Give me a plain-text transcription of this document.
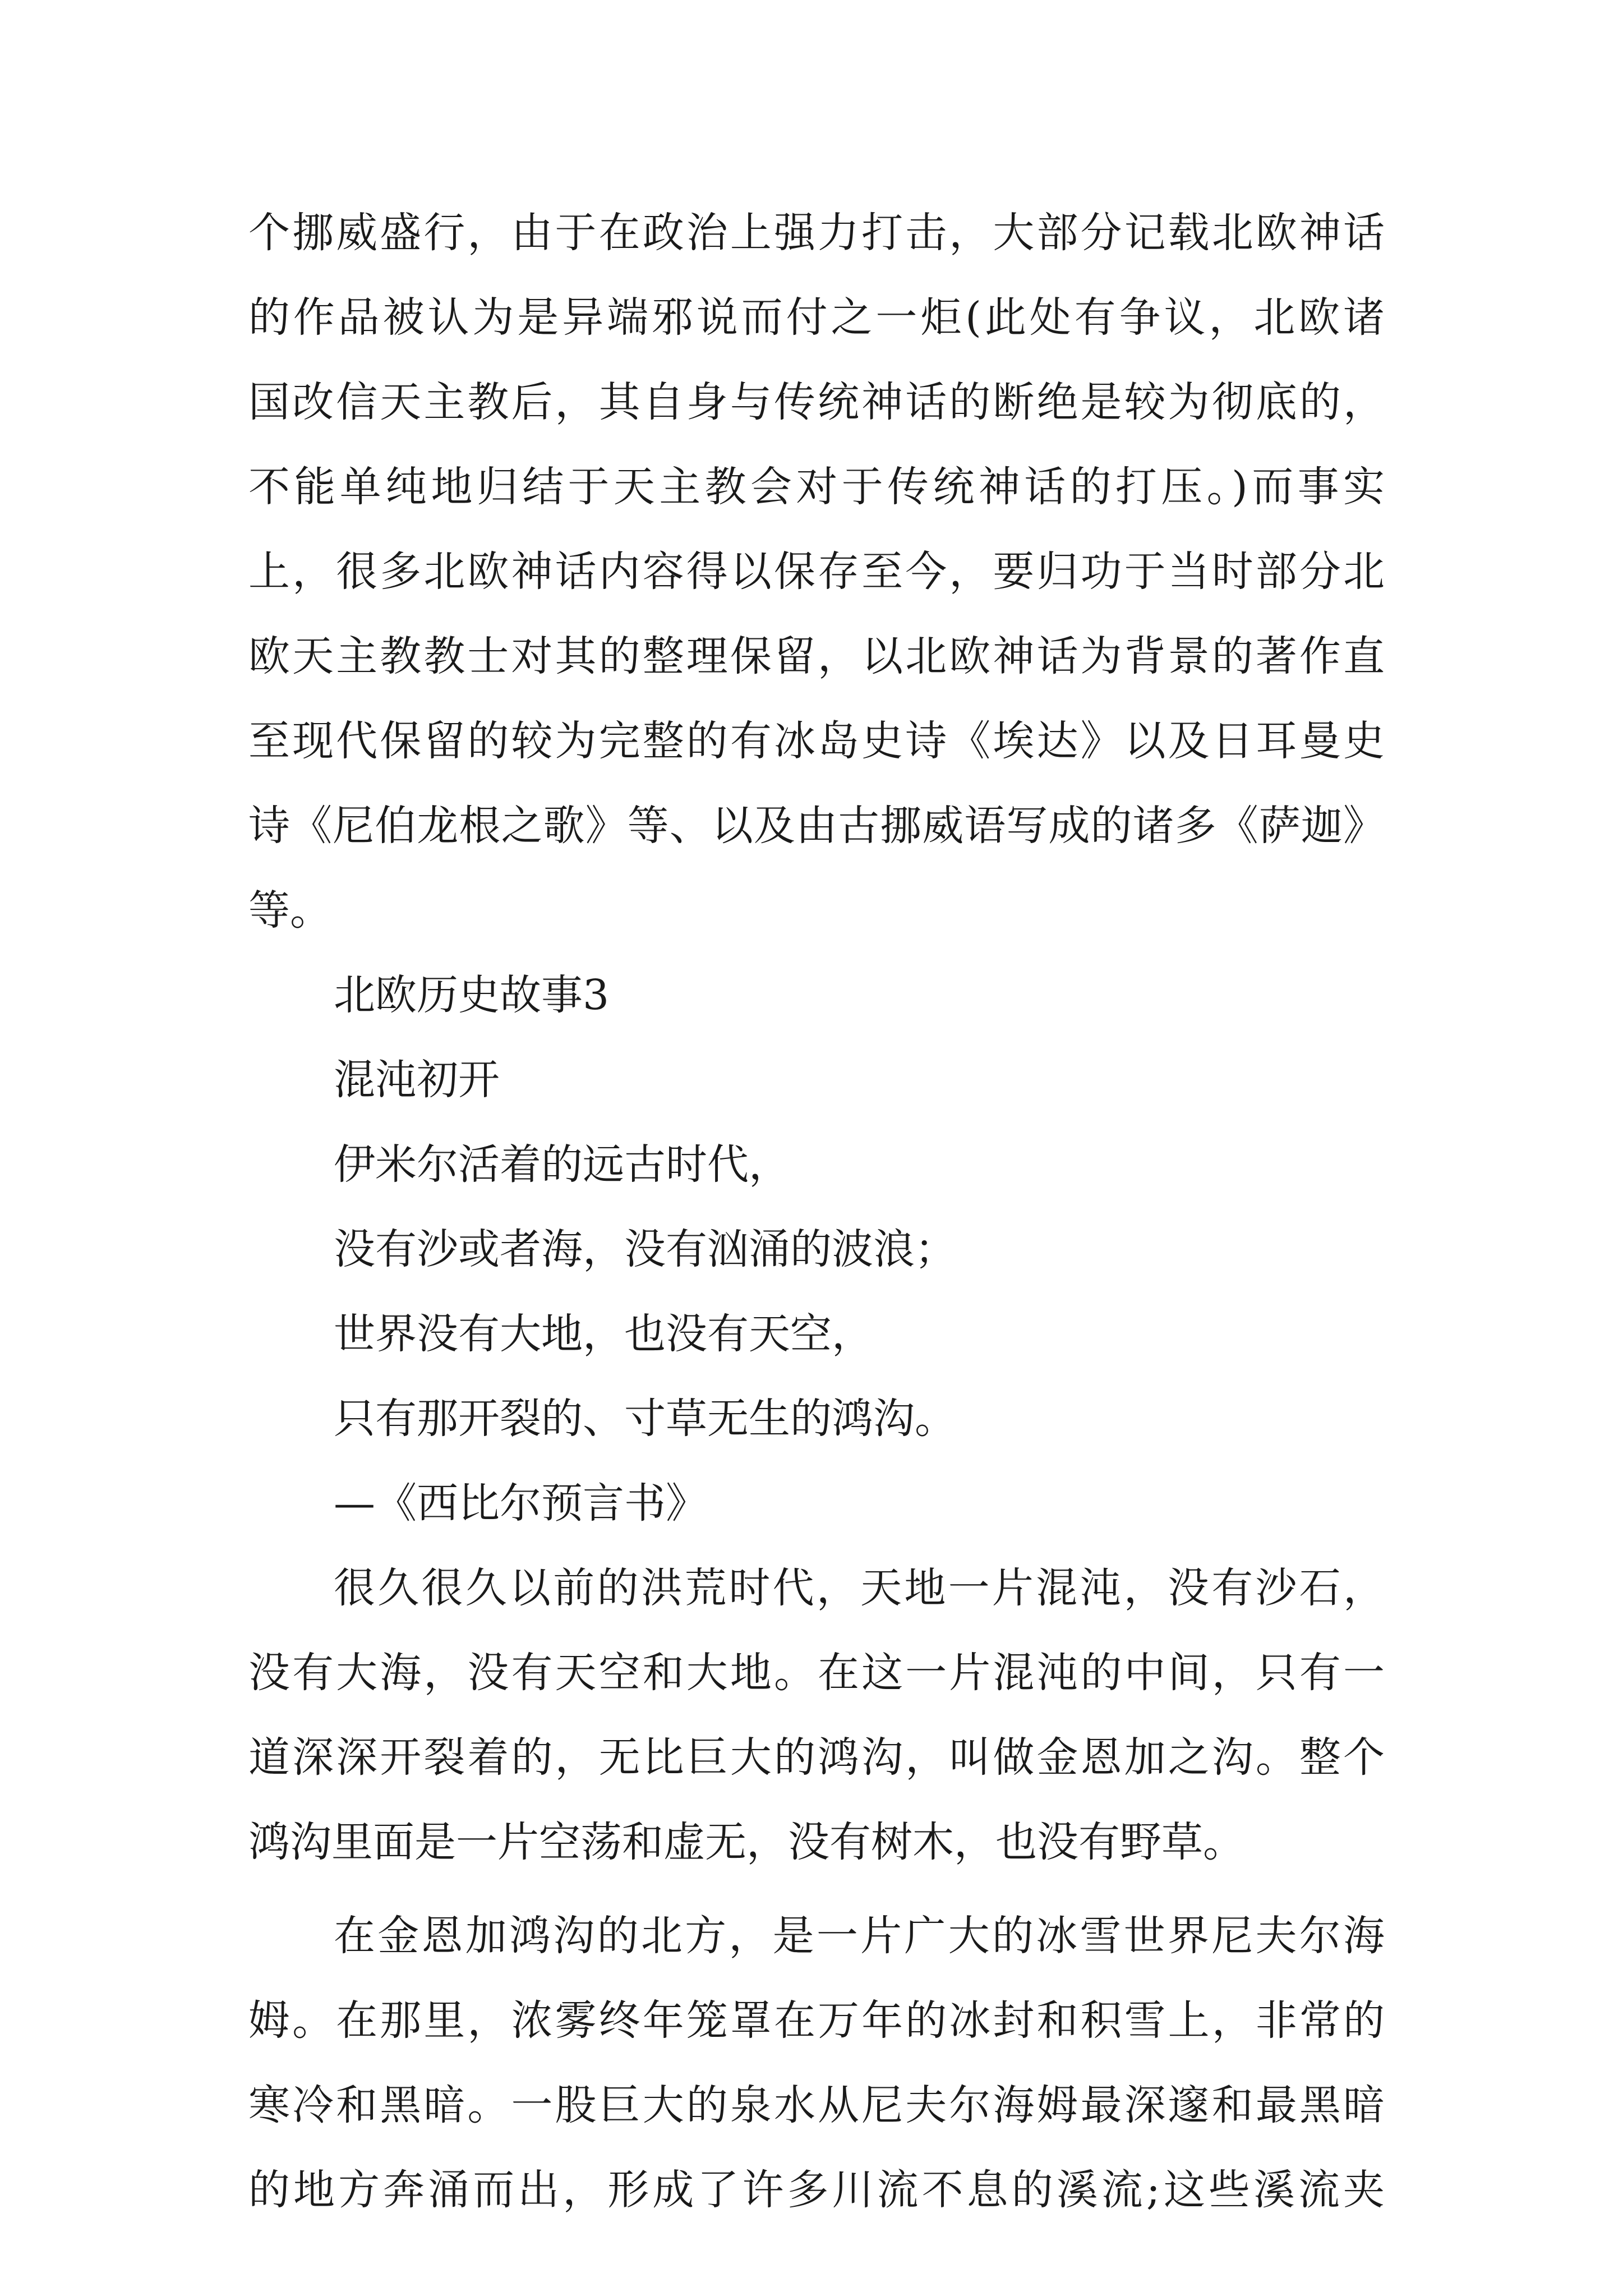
个挪威盛行，由于在政治上强力打击，大部分记载北欧神话
的作品被认为是异端邪说而付之一炬(此处有争议，北欧诸
国改信天主教后，其自身与传统神话的断绝是较为彻底的，
不能单纯地归结于天主教会对于传统神话的打压。)而事实
上，很多北欧神话内容得以保存至今，要归功于当时部分北
欧天主教教士对其的整理保留，以北欧神话为背景的著作直
至现代保留的较为完整的有冰岛史诗《埃达》以及日耳曼史
诗《尼伯龙根之歌》等、以及由古挪威语写成的诸多《萨迦》
等。
北欧历史故事3
混沌初开
伊米尔活着的远古时代，
没有沙或者海，没有汹涌的波浪；
世界没有大地，也没有天空，
只有那开裂的、寸草无生的鸿沟。
—《西比尔预言书》
很久很久以前的洪荒时代，天地一片混沌，没有沙石，
没有大海，没有天空和大地。在这一片混沌的中间，只有一
道深深开裂着的，无比巨大的鸿沟，叫做金恩加之沟。整个
鸿沟里面是一片空荡和虚无，没有树木，也没有野草。
在金恩加鸿沟的北方，是一片广大的冰雪世界尼夫尔海
姆。在那里，浓雾终年笼罩在万年的冰封和积雪上，非常的
寒冷和黑暗。一股巨大的泉水从尼夫尔海姆最深邃和最黑暗
的地方奔涌而出，形成了许多川流不息的溪流;这些溪流夹
